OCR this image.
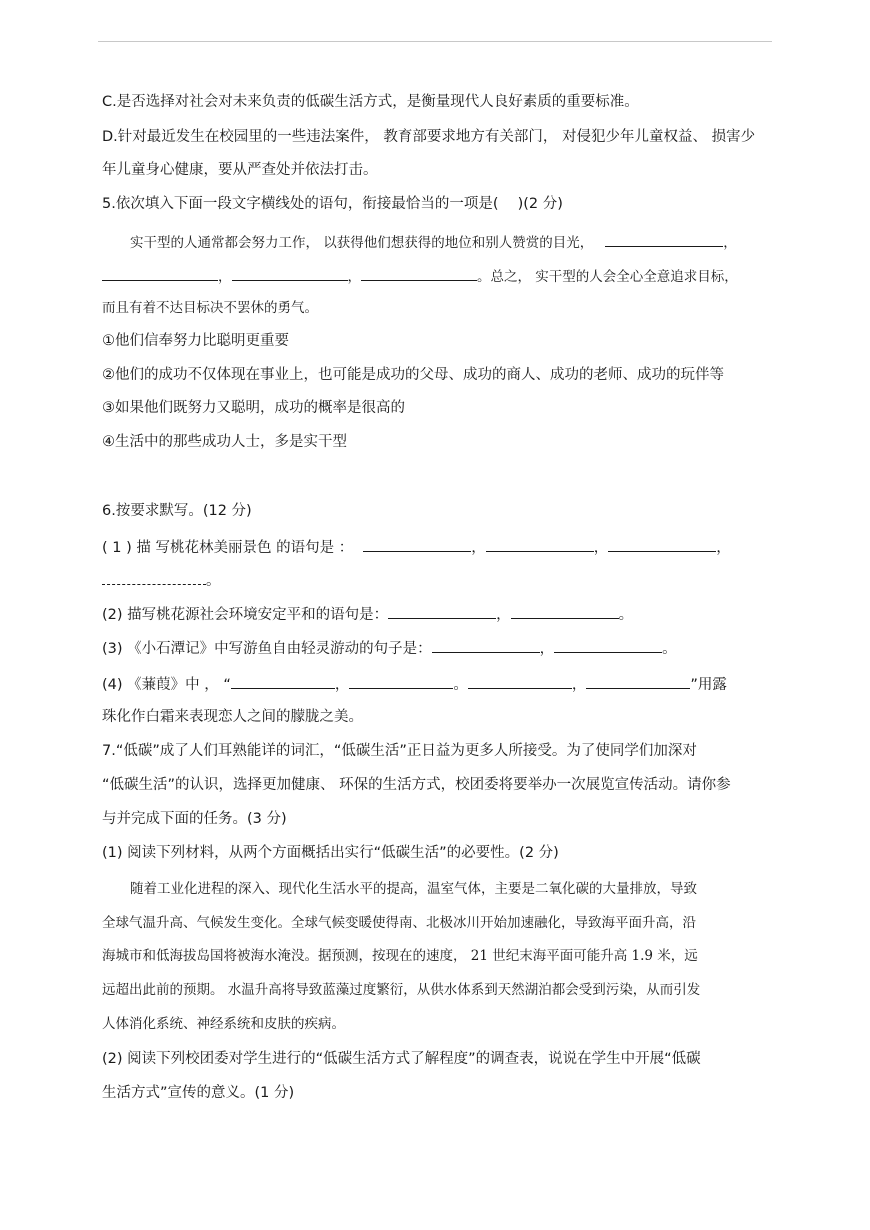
C.是否选择对社会对未来负责的低碳生活方式，是衡量现代人良好素质的重要标准。
D.针对最近发生在校园里的一些违法案件， 教育部要求地方有关部门， 对侵犯少年儿童权益、 损害少
年儿童身心健康，要从严查处并依法打击。
5.依次填入下面一段文字横线处的语句，衔接最恰当的一项是(　 )(2 分)
实干型的人通常都会努力工作， 以获得他们想获得的地位和别人赞赏的目光，	，
，	，	。总之， 实干型的人会全心全意追求目标，
而且有着不达目标决不罢休的勇气。
①他们信奉努力比聪明更重要
②他们的成功不仅体现在事业上，也可能是成功的父母、成功的商人、成功的老师、成功的玩伴等
③如果他们既努力又聪明，成功的概率是很高的
④生活中的那些成功人士，多是实干型
6.按要求默写。(12 分)
( 1 ) 描 写桃花林美丽景色 的语句是 ：	，	，	，
。
(2) 描写桃花源社会环境安定平和的语句是：	，	。
(3) 《小石潭记》中写游鱼自由轻灵游动的句子是：	，	。
(4) 《蒹葭》中 ， “	，	。	，	”用露
珠化作白霜来表现恋人之间的朦胧之美。
7.“低碳”成了人们耳熟能详的词汇，“低碳生活”正日益为更多人所接受。为了使同学们加深对
“低碳生活”的认识，选择更加健康、 环保的生活方式，校团委将要举办一次展览宣传活动。请你参
与并完成下面的任务。(3 分)
(1) 阅读下列材料，从两个方面概括出实行“低碳生活”的必要性。(2 分)
随着工业化进程的深入、现代化生活水平的提高，温室气体，主要是二氧化碳的大量排放，导致
全球气温升高、气候发生变化。全球气候变暖使得南、北极冰川开始加速融化，导致海平面升高，沿
海城市和低海拔岛国将被海水淹没。据预测，按现在的速度， 21 世纪末海平面可能升高 1.9 米，远
远超出此前的预期。 水温升高将导致蓝藻过度繁衍，从供水体系到天然湖泊都会受到污染，从而引发
人体消化系统、神经系统和皮肤的疾病。
(2) 阅读下列校团委对学生进行的“低碳生活方式了解程度”的调查表，说说在学生中开展“低碳
生活方式”宣传的意义。(1 分)
